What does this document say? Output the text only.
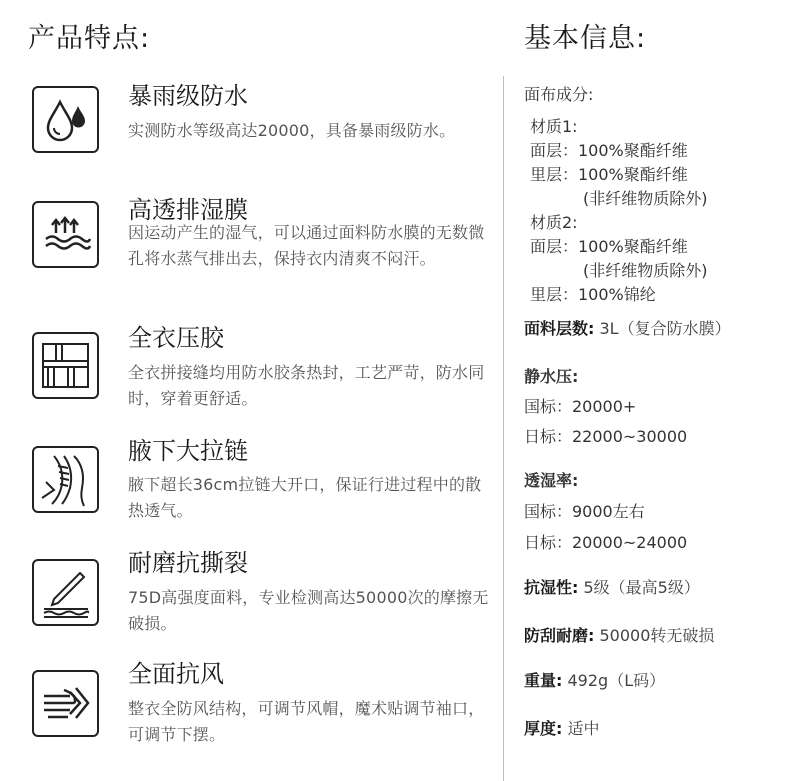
产品特点:	基本信息:
暴雨级防水
实测防水等级高达20000，具备暴雨级防水。
高透排湿膜
因运动产生的湿气，可以通过面料防水膜的无数微孔将水蒸气排出去，保持衣内清爽不闷汗。
全衣压胶
全衣拼接缝均用防水胶条热封，工艺严苛，防水同时，穿着更舒适。
腋下大拉链
腋下超长36cm拉链大开口，保证行进过程中的散热透气。
耐磨抗撕裂
75D高强度面料，专业检测高达50000次的摩擦无破损。
全面抗风
整衣全防风结构，可调节风帽，魔术贴调节袖口，可调节下摆。
面布成分:
材质1:
面层：100%聚酯纤维
里层：100%聚酯纤维
(非纤维物质除外)
材质2:
面层：100%聚酯纤维
(非纤维物质除外)
里层：100%锦纶
面料层数: 3L（复合防水膜）
静水压:
国标：20000+
日标：22000~30000
透湿率:
国标：9000左右
日标：20000~24000
抗湿性: 5级（最高5级）
防刮耐磨: 50000转无破损
重量: 492g（L码）
厚度: 适中
